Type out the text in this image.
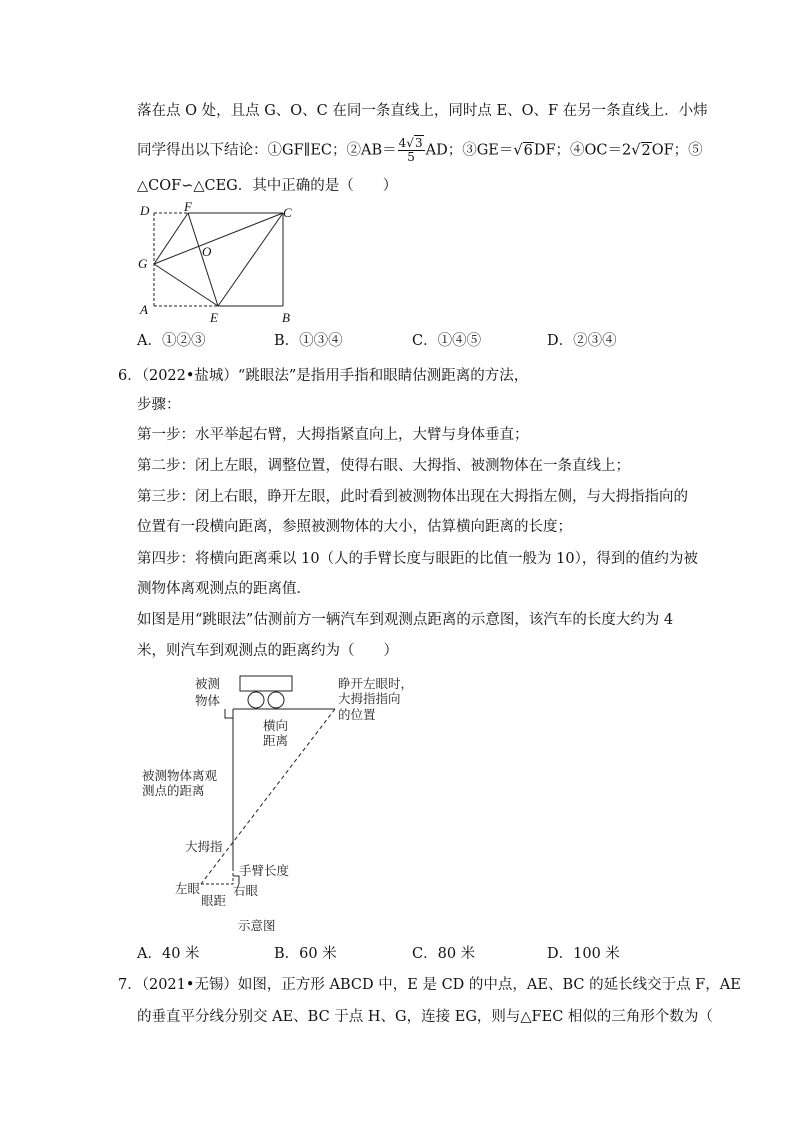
落在点 O 处，且点 G、O、C 在同一条直线上，同时点 E、O、F 在另一条直线上．小炜
同学得出以下结论：①GF∥EC；②AB＝ $\frac{4√3}{5}$ AD；③GE＝√6DF；④OC＝2√2OF；⑤
△COF∽△CEG．其中正确的是（　　）
D	F	C
G
O
A
E	B
A．①②③	B．①③④	C．①④⑤	D．②③④
6．（2022•盐城）“跳眼法”是指用手指和眼睛估测距离的方法，
步骤：
第一步：水平举起右臂，大拇指紧直向上，大臂与身体垂直；
第二步：闭上左眼，调整位置，使得右眼、大拇指、被测物体在一条直线上；
第三步：闭上右眼，睁开左眼，此时看到被测物体出现在大拇指左侧，与大拇指指向的
位置有一段横向距离，参照被测物体的大小，估算横向距离的长度；
第四步：将横向距离乘以 10（人的手臂长度与眼距的比值一般为 10），得到的值约为被
测物体离观测点的距离值．
如图是用“跳眼法”估测前方一辆汽车到观测点距离的示意图，该汽车的长度大约为 4
米，则汽车到观测点的距离约为（　　）
被测
物体
睁开左眼时，
大拇指指向
的位置
横向
距离
被测物体离观
测点的距离
大拇指
手臂长度
左眼
眼距
右眼
示意图
A．40 米	B．60 米	C．80 米	D．100 米
7．（2021•无锡）如图，正方形 ABCD 中，E 是 CD 的中点，AE、BC 的延长线交于点 F，AE
的垂直平分线分别交 AE、BC 于点 H、G，连接 EG，则与△FEC 相似的三角形个数为（
